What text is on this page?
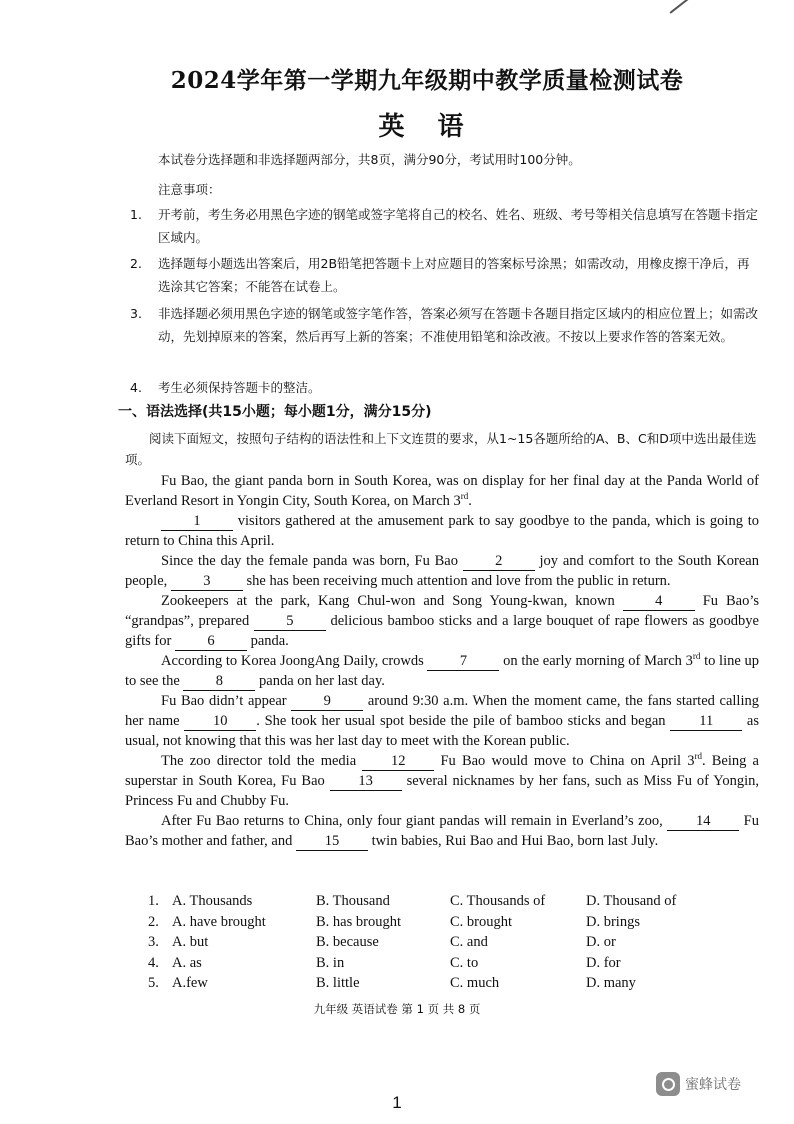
2024学年第一学期九年级期中教学质量检测试卷
英 语
本试卷分选择题和非选择题两部分，共8页，满分90分，考试用时100分钟。
注意事项：
1.	开考前，考生务必用黑色字迹的钢笔或签字笔将自己的校名、姓名、班级、考号等相关信息填写在答题卡指定区域内。
2.	选择题每小题选出答案后，用2B铅笔把答题卡上对应题目的答案标号涂黑；如需改动，用橡皮擦干净后，再选涂其它答案；不能答在试卷上。
3.	非选择题必须用黑色字迹的钢笔或签字笔作答，答案必须写在答题卡各题目指定区域内的相应位置上；如需改动，先划掉原来的答案，然后再写上新的答案；不准使用铅笔和涂改液。不按以上要求作答的答案无效。
4.	考生必须保持答题卡的整洁。
一、语法选择(共15小题；每小题1分，满分15分)
阅读下面短文，按照句子结构的语法性和上下文连贯的要求，从1~15各题所给的A、B、C和D项中选出最佳选项。

Fu Bao, the giant panda born in South Korea, was on display for her final day at the Panda World of Everland Resort in Yongin City, South Korea, on March 3rd.

1 visitors gathered at the amusement park to say goodbye to the panda, which is going to return to China this April.

Since the day the female panda was born, Fu Bao 2 joy and comfort to the South Korean people, 3 she has been receiving much attention and love from the public in return.

Zookeepers at the park, Kang Chul-won and Song Young-kwan, known 4 Fu Bao’s “grandpas”, prepared 5 delicious bamboo sticks and a large bouquet of rape flowers as goodbye gifts for 6 panda.

According to Korea JoongAng Daily, crowds 7 on the early morning of March 3rd to line up to see the 8 panda on her last day.

Fu Bao didn’t appear 9 around 9:30 a.m. When the moment came, the fans started calling her name 10 . She took her usual spot beside the pile of bamboo sticks and began 11 as usual, not knowing that this was her last day to meet with the Korean public.

The zoo director told the media 12 Fu Bao would move to China on April 3rd. Being a superstar in South Korea, Fu Bao 13 several nicknames by her fans, such as Miss Fu of Yongin, Princess Fu and Chubby Fu.

After Fu Bao returns to China, only four giant pandas will remain in Everland’s zoo, 14 Fu Bao’s mother and father, and 15 twin babies, Rui Bao and Hui Bao, born last July.

1. A. Thousands	B. Thousand	C. Thousands of	D. Thousand of
2. A. have brought	B. has brought	C. brought	D. brings
3. A. but	B. because	C. and	D. or
4. A. as	B. in	C. to	D. for
5. A.few	B. little	C. much	D. many
九年级 英语试卷 第 1 页 共 8 页
蜜蜂试卷
1
